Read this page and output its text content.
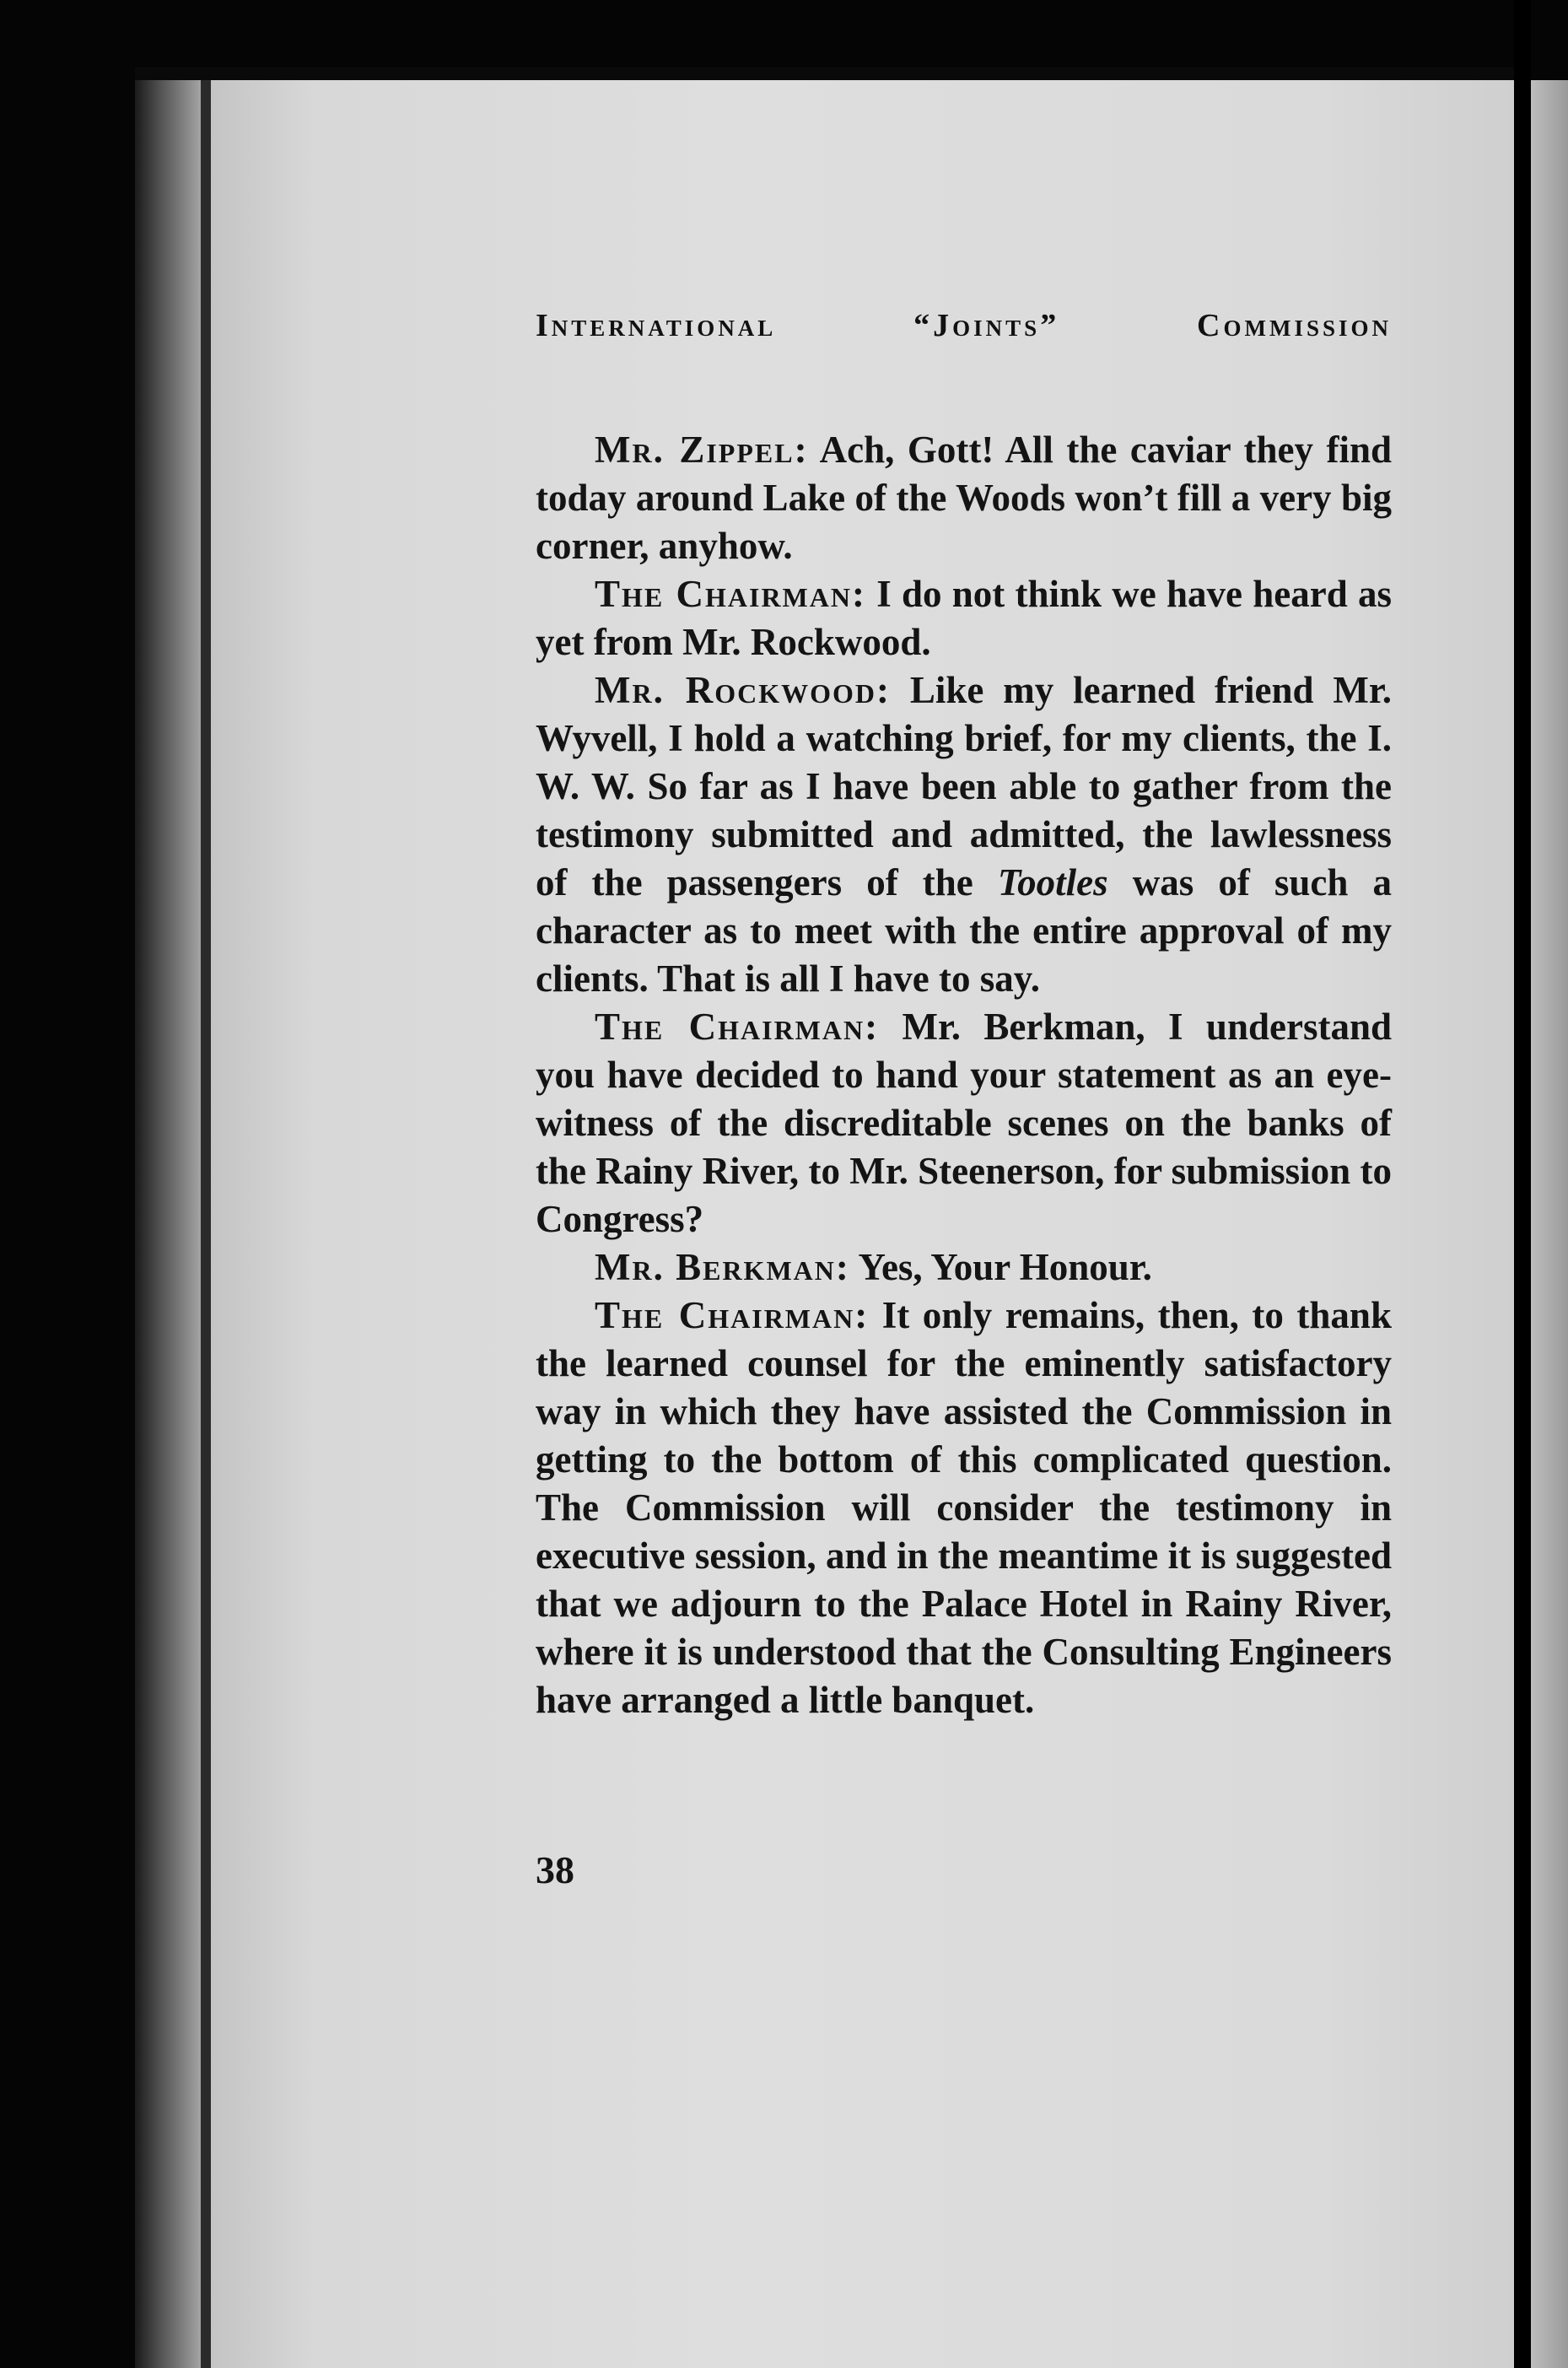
International	“Joints”	Commission

Mr. Zippel: Ach, Gott! All the caviar they find today around Lake of the Woods won’t fill a very big corner, anyhow.

The Chairman: I do not think we have heard as yet from Mr. Rockwood.

Mr. Rockwood: Like my learned friend Mr. Wyvell, I hold a watching brief, for my clients, the I. W. W. So far as I have been able to gather from the testimony submitted and admitted, the lawlessness of the passengers of the Tootles was of such a character as to meet with the entire approval of my clients. That is all I have to say.

The Chairman: Mr. Berkman, I understand you have decided to hand your statement as an eye-witness of the discreditable scenes on the banks of the Rainy River, to Mr. Steenerson, for submission to Congress?

Mr. Berkman: Yes, Your Honour.

The Chairman: It only remains, then, to thank the learned counsel for the eminently satisfactory way in which they have assisted the Commission in getting to the bottom of this complicated question. The Commission will consider the testimony in executive session, and in the meantime it is suggested that we adjourn to the Palace Hotel in Rainy River, where it is understood that the Consulting Engineers have arranged a little banquet.

38
